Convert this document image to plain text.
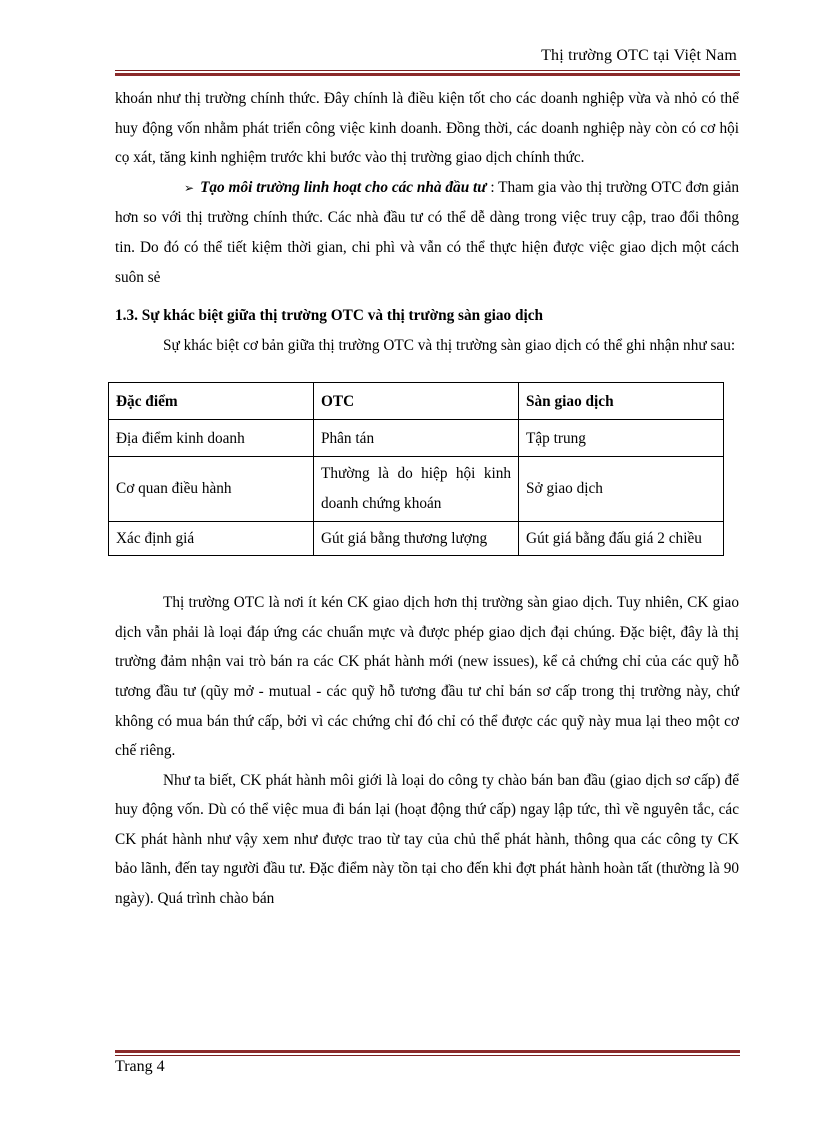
Thị trường OTC tại Việt Nam

khoán như thị trường chính thức. Đây chính là điều kiện tốt cho các doanh nghiệp vừa và nhỏ có thể huy động vốn nhằm phát triển công việc kinh doanh. Đồng thời, các doanh nghiệp này còn có cơ hội cọ xát, tăng kinh nghiệm trước khi bước vào thị trường giao dịch chính thức.

➢ Tạo môi trường linh hoạt cho các nhà đầu tư : Tham gia vào thị trường OTC đơn giản hơn so với thị trường chính thức. Các nhà đầu tư có thể dễ dàng trong việc truy cập, trao đổi thông tin. Do đó có thể tiết kiệm thời gian, chi phì và vẫn có thể thực hiện được việc giao dịch một cách suôn sẻ

1.3. Sự khác biệt giữa thị trường OTC và thị trường sàn giao dịch

Sự khác biệt cơ bản giữa thị trường OTC và thị trường sàn giao dịch có thể ghi nhận như sau:

Đặc điểm	OTC	Sàn giao dịch
Địa điểm kinh doanh	Phân tán	Tập trung
Cơ quan điều hành	Thường là do hiệp hội kinh doanh chứng khoán	Sở giao dịch
Xác định giá	Gút giá bằng thương lượng	Gút giá bằng đấu giá 2 chiều

Thị trường OTC là nơi ít kén CK giao dịch hơn thị trường sàn giao dịch. Tuy nhiên, CK giao dịch vẫn phải là loại đáp ứng các chuẩn mực và được phép giao dịch đại chúng. Đặc biệt, đây là thị trường đảm nhận vai trò bán ra các CK phát hành mới (new issues), kể cả chứng chỉ của các quỹ hỗ tương đầu tư (qũy mở - mutual - các quỹ hỗ tương đầu tư chỉ bán sơ cấp trong thị trường này, chứ không có mua bán thứ cấp, bởi vì các chứng chỉ đó chỉ có thể được các quỹ này mua lại theo một cơ chế riêng.

Như ta biết, CK phát hành môi giới là loại do công ty chào bán ban đầu (giao dịch sơ cấp) để huy động vốn. Dù có thể việc mua đi bán lại (hoạt động thứ cấp) ngay lập tức, thì về nguyên tắc, các CK phát hành như vậy xem như được trao từ tay của chủ thể phát hành, thông qua các công ty CK bảo lãnh, đến tay người đầu tư. Đặc điểm này tồn tại cho đến khi đợt phát hành hoàn tất (thường là 90 ngày). Quá trình chào bán

Trang 4
